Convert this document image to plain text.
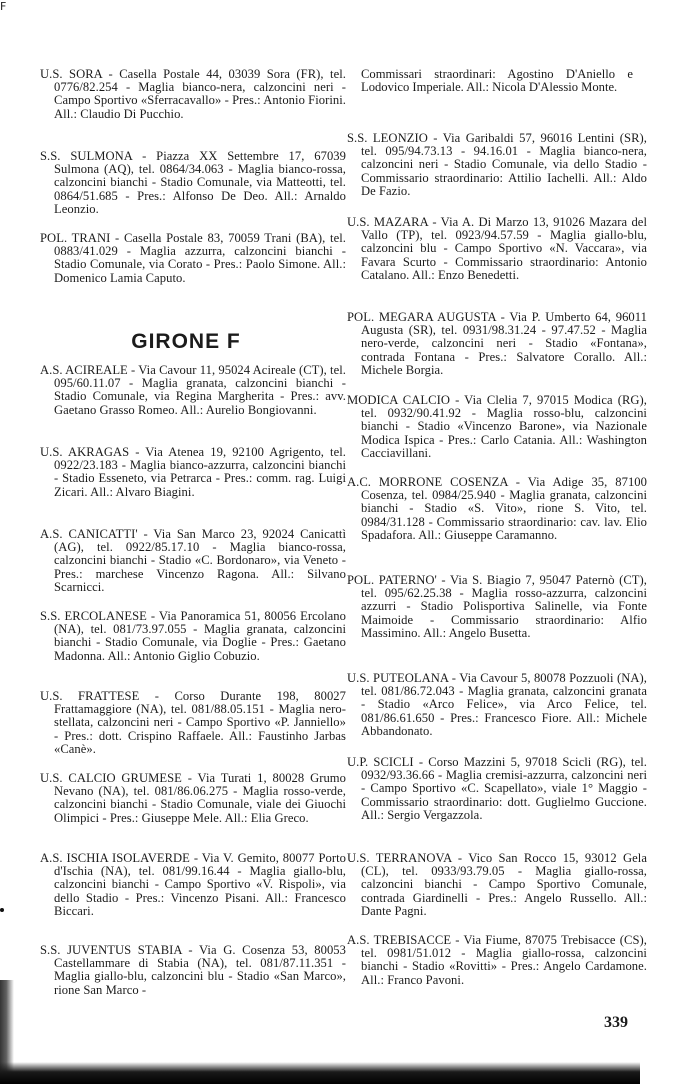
F

U.S. SORA - Casella Postale 44, 03039 Sora (FR), tel. 0776/82.254 - Maglia bianco-nera, calzoncini neri - Campo Sportivo «Sferracavallo» - Pres.: Antonio Fiorini. All.: Claudio Di Pucchio.

S.S. SULMONA - Piazza XX Settembre 17, 67039 Sulmona (AQ), tel. 0864/34.063 - Maglia bianco-rossa, calzoncini bianchi - Stadio Comunale, via Matteotti, tel. 0864/51.685 - Pres.: Alfonso De Deo. All.: Arnaldo Leonzio.

POL. TRANI - Casella Postale 83, 70059 Trani (BA), tel. 0883/41.029 - Maglia azzurra, calzoncini bianchi - Stadio Comunale, via Corato - Pres.: Paolo Simone. All.: Domenico Lamia Caputo.

A.S. ACIREALE - Via Cavour 11, 95024 Acireale (CT), tel. 095/60.11.07 - Maglia granata, calzoncini bianchi - Stadio Comunale, via Regina Margherita - Pres.: avv. Gaetano Grasso Romeo. All.: Aurelio Bongiovanni.

U.S. AKRAGAS - Via Atenea 19, 92100 Agrigento, tel. 0922/23.183 - Maglia bianco-azzurra, calzoncini bianchi - Stadio Esseneto, via Petrarca - Pres.: comm. rag. Luigi Zicari. All.: Alvaro Biagini.

A.S. CANICATTI' - Via San Marco 23, 92024 Canicattì (AG), tel. 0922/85.17.10 - Maglia bianco-rossa, calzoncini bianchi - Stadio «C. Bordonaro», via Veneto - Pres.: marchese Vincenzo Ragona. All.: Silvano Scarnicci.

S.S. ERCOLANESE - Via Panoramica 51, 80056 Ercolano (NA), tel. 081/73.97.055 - Maglia granata, calzoncini bianchi - Stadio Comunale, via Doglie - Pres.: Gaetano Madonna. All.: Antonio Giglio Cobuzio.

U.S. FRATTESE - Corso Durante 198, 80027 Frattamaggiore (NA), tel. 081/88.05.151 - Maglia nero-stellata, calzoncini neri - Campo Sportivo «P. Janniello» - Pres.: dott. Crispino Raffaele. All.: Faustinho Jarbas «Canè».

U.S. CALCIO GRUMESE - Via Turati 1, 80028 Grumo Nevano (NA), tel. 081/86.06.275 - Maglia rosso-verde, calzoncini bianchi - Stadio Comunale, viale dei Giuochi Olimpici - Pres.: Giuseppe Mele. All.: Elia Greco.

A.S. ISCHIA ISOLAVERDE - Via V. Gemito, 80077 Porto d'Ischia (NA), tel. 081/99.16.44 - Maglia giallo-blu, calzoncini bianchi - Campo Sportivo «V. Rispoli», via dello Stadio - Pres.: Vincenzo Pisani. All.: Francesco Biccari.

S.S. JUVENTUS STABIA - Via G. Cosenza 53, 80053 Castellammare di Stabia (NA), tel. 081/87.11.351 - Maglia giallo-blu, calzoncini blu - Stadio «San Marco», rione San Marco -

GIRONE F

Commissari straordinari: Agostino D'Aniello e Lodovico Imperiale. All.: Nicola D'Alessio Monte.

S.S. LEONZIO - Via Garibaldi 57, 96016 Lentini (SR), tel. 095/94.73.13 - 94.16.01 - Maglia bianco-nera, calzoncini neri - Stadio Comunale, via dello Stadio - Commissario straordinario: Attilio Iachelli. All.: Aldo De Fazio.

U.S. MAZARA - Via A. Di Marzo 13, 91026 Mazara del Vallo (TP), tel. 0923/94.57.59 - Maglia giallo-blu, calzoncini blu - Campo Sportivo «N. Vaccara», via Favara Scurto - Commissario straordinario: Antonio Catalano. All.: Enzo Benedetti.

POL. MEGARA AUGUSTA - Via P. Umberto 64, 96011 Augusta (SR), tel. 0931/98.31.24 - 97.47.52 - Maglia nero-verde, calzoncini neri - Stadio «Fontana», contrada Fontana - Pres.: Salvatore Corallo. All.: Michele Borgia.

MODICA CALCIO - Via Clelia 7, 97015 Modica (RG), tel. 0932/90.41.92 - Maglia rosso-blu, calzoncini bianchi - Stadio «Vincenzo Barone», via Nazionale Modica Ispica - Pres.: Carlo Catania. All.: Washington Cacciavillani.

A.C. MORRONE COSENZA - Via Adige 35, 87100 Cosenza, tel. 0984/25.940 - Maglia granata, calzoncini bianchi - Stadio «S. Vito», rione S. Vito, tel. 0984/31.128 - Commissario straordinario: cav. lav. Elio Spadafora. All.: Giuseppe Caramanno.

POL. PATERNO' - Via S. Biagio 7, 95047 Paternò (CT), tel. 095/62.25.38 - Maglia rosso-azzurra, calzoncini azzurri - Stadio Polisportiva Salinelle, via Fonte Maimoide - Commissario straordinario: Alfio Massimino. All.: Angelo Busetta.

U.S. PUTEOLANA - Via Cavour 5, 80078 Pozzuoli (NA), tel. 081/86.72.043 - Maglia granata, calzoncini granata - Stadio «Arco Felice», via Arco Felice, tel. 081/86.61.650 - Pres.: Francesco Fiore. All.: Michele Abbandonato.

U.P. SCICLI - Corso Mazzini 5, 97018 Scicli (RG), tel. 0932/93.36.66 - Maglia cremisi-azzurra, calzoncini neri - Campo Sportivo «C. Scapellato», viale 1° Maggio - Commissario straordinario: dott. Guglielmo Guccione. All.: Sergio Vergazzola.

U.S. TERRANOVA - Vico San Rocco 15, 93012 Gela (CL), tel. 0933/93.79.05 - Maglia giallo-rossa, calzoncini bianchi - Campo Sportivo Comunale, contrada Giardinelli - Pres.: Angelo Russello. All.: Dante Pagni.

A.S. TREBISACCE - Via Fiume, 87075 Trebisacce (CS), tel. 0981/51.012 - Maglia giallo-rossa, calzoncini bianchi - Stadio «Rovitti» - Pres.: Angelo Cardamone. All.: Franco Pavoni.

339
